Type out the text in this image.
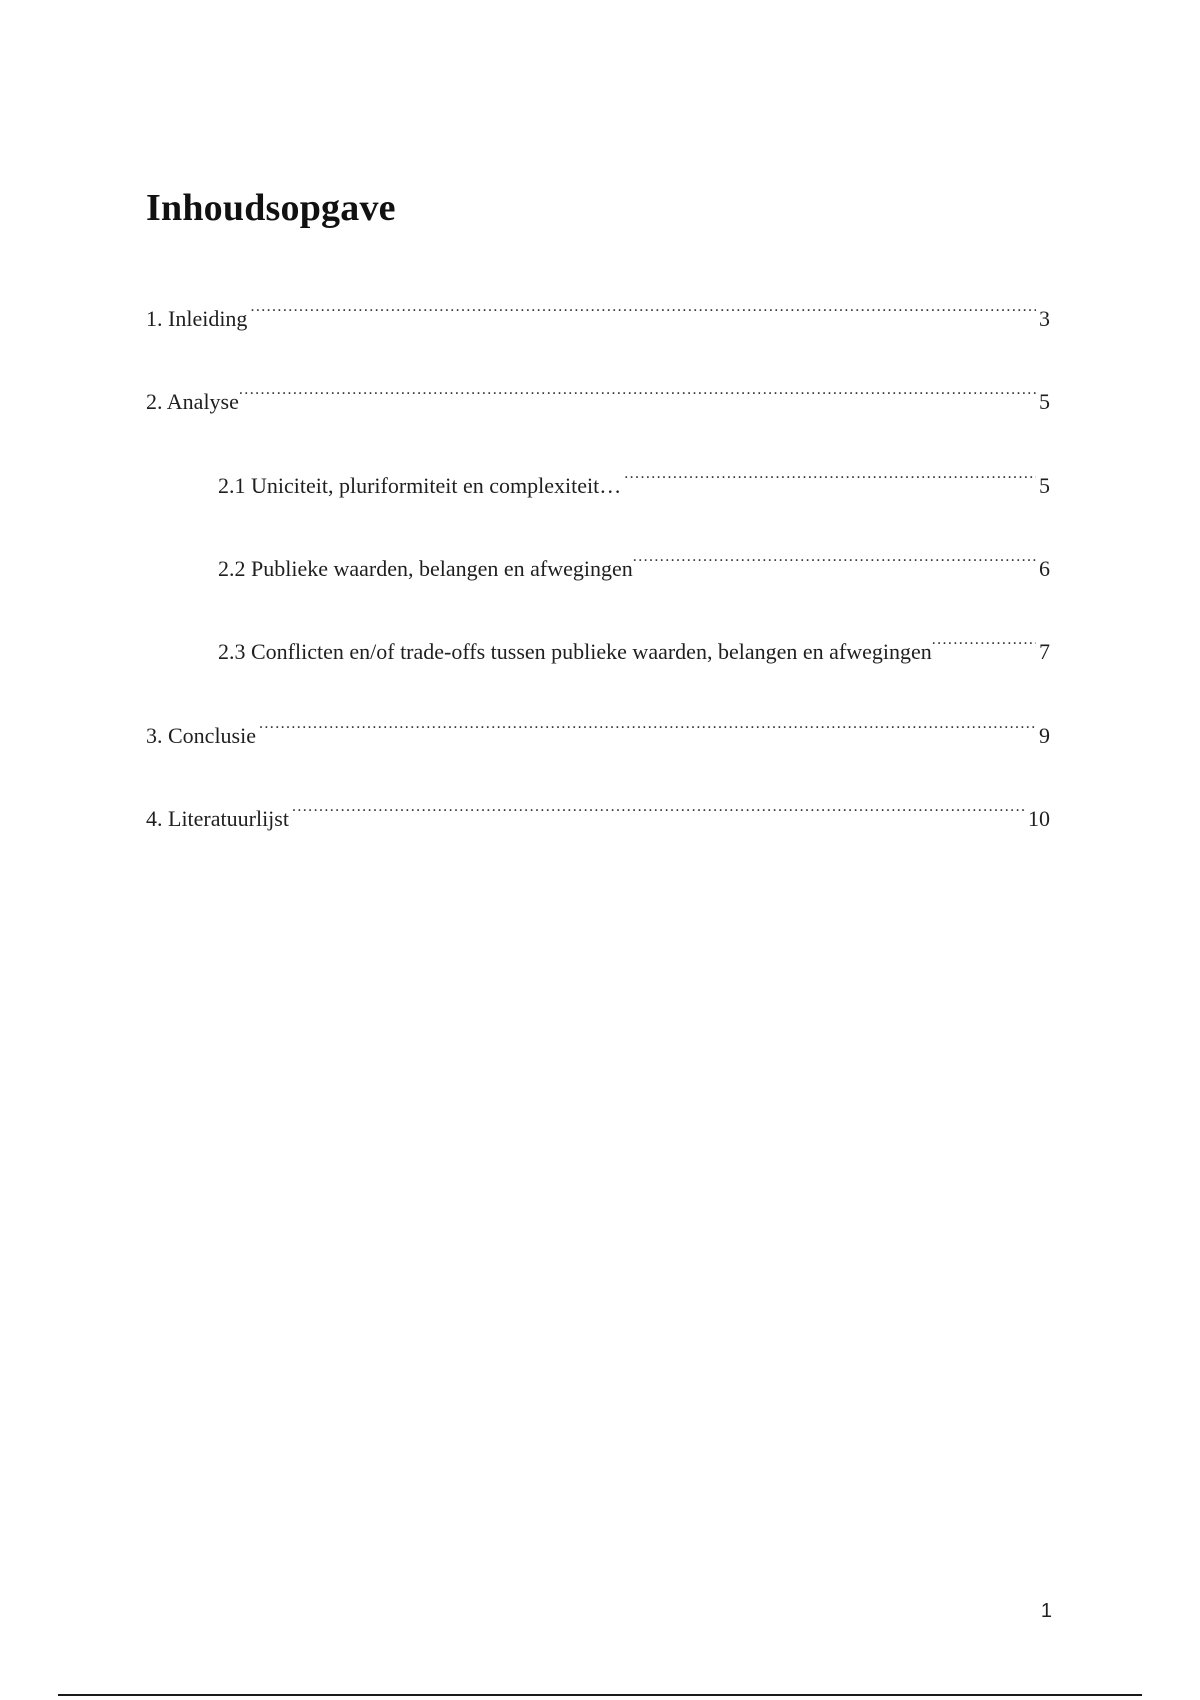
Inhoudsopgave
1. Inleiding .....	3
2. Analyse .....	5
2.1 Uniciteit, pluriformiteit en complexiteit… .....	5
2.2 Publieke waarden, belangen en afwegingen .....	6
2.3 Conflicten en/of trade-offs tussen publieke waarden, belangen en afwegingen .....	7
3. Conclusie .....	9
4. Literatuurlijst .....	10
1
